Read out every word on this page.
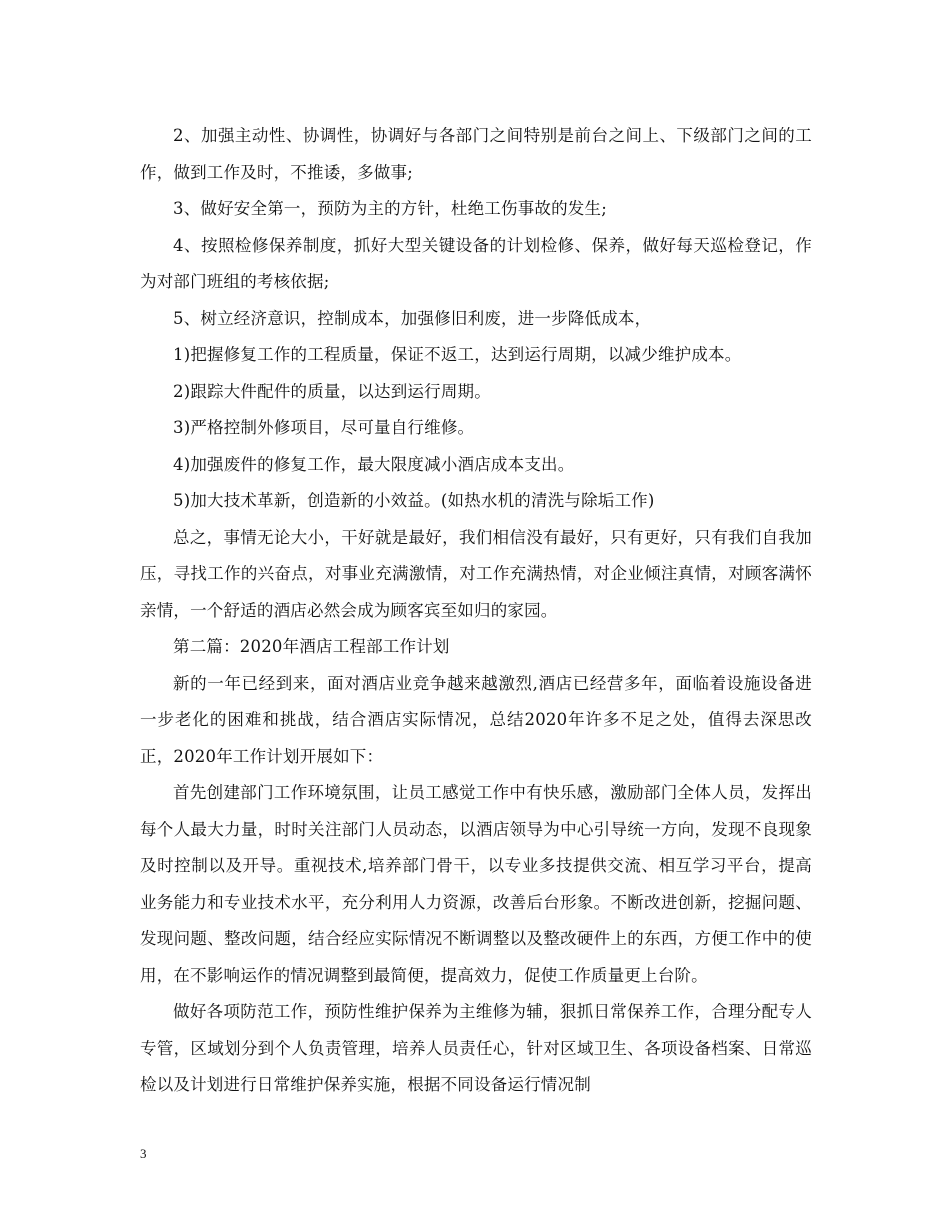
2、加强主动性、协调性，协调好与各部门之间特别是前台之间上、下级部门之间的工作，做到工作及时，不推诿，多做事;

3、做好安全第一，预防为主的方针，杜绝工伤事故的发生;

4、按照检修保养制度，抓好大型关键设备的计划检修、保养，做好每天巡检登记，作为对部门班组的考核依据;

5、树立经济意识，控制成本，加强修旧利废，进一步降低成本，

1)把握修复工作的工程质量，保证不返工，达到运行周期，以减少维护成本。

2)跟踪大件配件的质量，以达到运行周期。

3)严格控制外修项目，尽可量自行维修。

4)加强废件的修复工作，最大限度减小酒店成本支出。

5)加大技术革新，创造新的小效益。(如热水机的清洗与除垢工作)

总之，事情无论大小，干好就是最好，我们相信没有最好，只有更好，只有我们自我加压，寻找工作的兴奋点，对事业充满激情，对工作充满热情，对企业倾注真情，对顾客满怀亲情，一个舒适的酒店必然会成为顾客宾至如归的家园。

第二篇：2020年酒店工程部工作计划

新的一年已经到来，面对酒店业竞争越来越激烈,酒店已经营多年，面临着设施设备进一步老化的困难和挑战，结合酒店实际情况，总结2020年许多不足之处，值得去深思改正，2020年工作计划开展如下：

首先创建部门工作环境氛围，让员工感觉工作中有快乐感，激励部门全体人员，发挥出每个人最大力量，时时关注部门人员动态，以酒店领导为中心引导统一方向，发现不良现象及时控制以及开导。重视技术,培养部门骨干，以专业多技提供交流、相互学习平台，提高业务能力和专业技术水平，充分利用人力资源，改善后台形象。不断改进创新，挖掘问题、发现问题、整改问题，结合经应实际情况不断调整以及整改硬件上的东西，方便工作中的使用，在不影响运作的情况调整到最简便，提高效力，促使工作质量更上台阶。

做好各项防范工作，预防性维护保养为主维修为辅，狠抓日常保养工作，合理分配专人专管，区域划分到个人负责管理，培养人员责任心，针对区域卫生、各项设备档案、日常巡检以及计划进行日常维护保养实施，根据不同设备运行情况制

3
